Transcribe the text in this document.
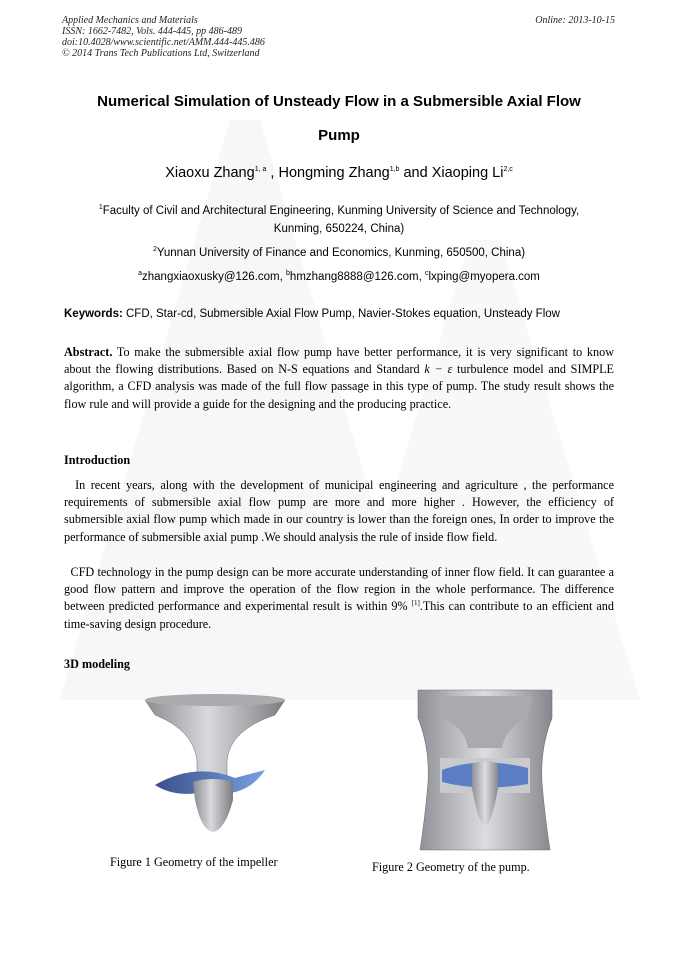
Applied Mechanics and Materials
ISSN: 1662-7482, Vols. 444-445, pp 486-489
doi:10.4028/www.scientific.net/AMM.444-445.486
© 2014 Trans Tech Publications Ltd, Switzerland
Online: 2013-10-15
Numerical Simulation of Unsteady Flow in a Submersible Axial Flow
Pump
Xiaoxu Zhang$^{1, a}$ , Hongming Zhang$^{1,b}$ and Xiaoping Li$^{2,c}$
$^1$Faculty of Civil and Architectural Engineering, Kunming University of Science and Technology,
Kunming, 650224, China)
$^2$Yunnan University of Finance and Economics, Kunming, 650500, China)
$^a$zhangxiaoxusky@126.com, $^b$hmzhang8888@126.com, $^c$lxping@myopera.com
Keywords: CFD, Star-cd, Submersible Axial Flow Pump, Navier-Stokes equation, Unsteady Flow
Abstract. To make the submersible axial flow pump have better performance, it is very significant to know about the flowing distributions. Based on N-S equations and Standard k − ε turbulence model and SIMPLE algorithm, a CFD analysis was made of the full flow passage in this type of pump. The study result shows the flow rule and will provide a guide for the designing and the producing practice.
Introduction
In recent years, along with the development of municipal engineering and agriculture , the performance requirements of submersible axial flow pump are more and more higher . However, the efficiency of submersible axial flow pump which made in our country is lower than the foreign ones, In order to improve the performance of submersible axial pump .We should analysis the rule of inside flow field.
CFD technology in the pump design can be more accurate understanding of inner flow field. It can guarantee a good flow pattern and improve the operation of the flow region in the whole performance. The difference between predicted performance and experimental result is within 9% [1].This can contribute to an efficient and time-saving design procedure.
3D modeling
Figure 1 Geometry of the impeller	Figure 2 Geometry of the pump.
